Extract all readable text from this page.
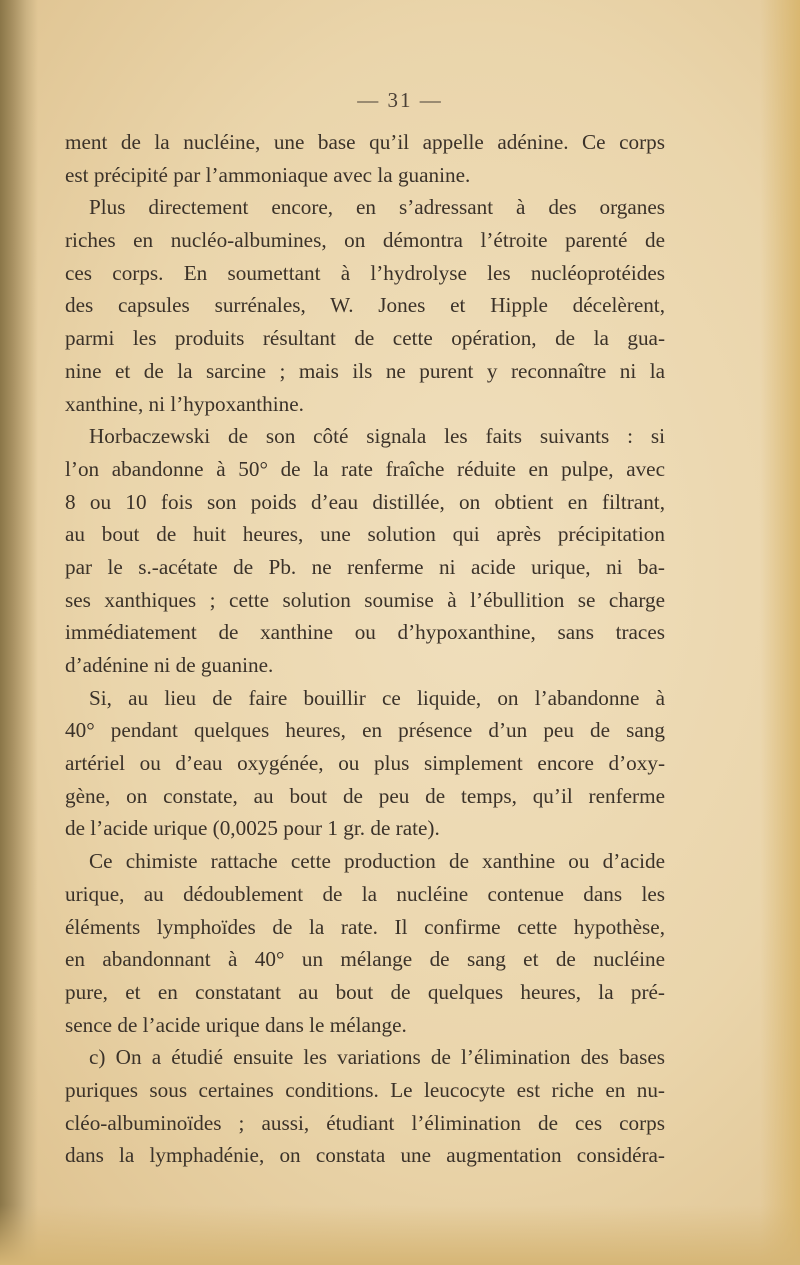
— 31 —
ment de la nucléine, une base qu’il appelle adénine. Ce corps
est précipité par l’ammoniaque avec la guanine.
Plus directement encore, en s’adressant à des organes
riches en nucléo-albumines, on démontra l’étroite parenté de
ces corps. En soumettant à l’hydrolyse les nucléoprotéides
des capsules surrénales, W. Jones et Hipple décelèrent,
parmi les produits résultant de cette opération, de la gua-
nine et de la sarcine ; mais ils ne purent y reconnaître ni la
xanthine, ni l’hypoxanthine.
Horbaczewski de son côté signala les faits suivants : si
l’on abandonne à 50° de la rate fraîche réduite en pulpe, avec
8 ou 10 fois son poids d’eau distillée, on obtient en filtrant,
au bout de huit heures, une solution qui après précipitation
par le s.-acétate de Pb. ne renferme ni acide urique, ni ba-
ses xanthiques ; cette solution soumise à l’ébullition se charge
immédiatement de xanthine ou d’hypoxanthine, sans traces
d’adénine ni de guanine.
Si, au lieu de faire bouillir ce liquide, on l’abandonne à
40° pendant quelques heures, en présence d’un peu de sang
artériel ou d’eau oxygénée, ou plus simplement encore d’oxy-
gène, on constate, au bout de peu de temps, qu’il renferme
de l’acide urique (0,0025 pour 1 gr. de rate).
Ce chimiste rattache cette production de xanthine ou d’acide
urique, au dédoublement de la nucléine contenue dans les
éléments lymphoïdes de la rate. Il confirme cette hypothèse,
en abandonnant à 40° un mélange de sang et de nucléine
pure, et en constatant au bout de quelques heures, la pré-
sence de l’acide urique dans le mélange.
c) On a étudié ensuite les variations de l’élimination des bases
puriques sous certaines conditions. Le leucocyte est riche en nu-
cléo-albuminoïdes ; aussi, étudiant l’élimination de ces corps
dans la lymphadénie, on constata une augmentation considéra-
